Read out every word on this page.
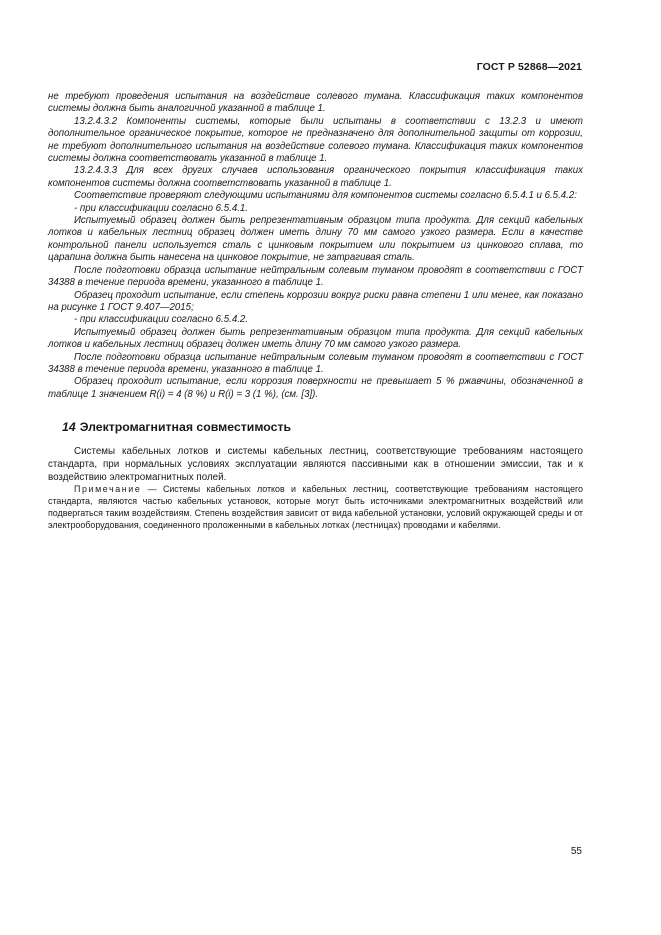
ГОСТ Р 52868—2021

не требуют проведения испытания на воздействие солевого тумана. Классификация таких компонентов системы должна быть аналогичной указанной в таблице 1.

13.2.4.3.2 Компоненты системы, которые были испытаны в соответствии с 13.2.3 и имеют дополнительное органическое покрытие, которое не предназначено для дополнительной защиты от коррозии, не требуют дополнительного испытания на воздействие солевого тумана. Классификация таких компонентов системы должна соответствовать указанной в таблице 1.

13.2.4.3.3 Для всех других случаев использования органического покрытия классификация таких компонентов системы должна соответствовать указанной в таблице 1.

Соответствие проверяют следующими испытаниями для компонентов системы согласно 6.5.4.1 и 6.5.4.2:

- при классификации согласно 6.5.4.1.

Испытуемый образец должен быть репрезентативным образцом типа продукта. Для секций кабельных лотков и кабельных лестниц образец должен иметь длину 70 мм самого узкого размера. Если в качестве контрольной панели используется сталь с цинковым покрытием или покрытием из цинкового сплава, то царапина должна быть нанесена на цинковое покрытие, не затрагивая сталь.

После подготовки образца испытание нейтральным солевым туманом проводят в соответствии с ГОСТ 34388 в течение периода времени, указанного в таблице 1.

Образец проходит испытание, если степень коррозии вокруг риски равна степени 1 или менее, как показано на рисунке 1 ГОСТ 9.407—2015;

- при классификации согласно 6.5.4.2.

Испытуемый образец должен быть репрезентативным образцом типа продукта. Для секций кабельных лотков и кабельных лестниц образец должен иметь длину 70 мм самого узкого размера.

После подготовки образца испытание нейтральным солевым туманом проводят в соответствии с ГОСТ 34388 в течение периода времени, указанного в таблице 1.

Образец проходит испытание, если коррозия поверхности не превышает 5 % ржавчины, обозначенной в таблице 1 значением R(i) = 4 (8 %) и R(i) = 3 (1 %), (см. [3]).

14 Электромагнитная совместимость

Системы кабельных лотков и системы кабельных лестниц, соответствующие требованиям настоящего стандарта, при нормальных условиях эксплуатации являются пассивными как в отношении эмиссии, так и к воздействию электромагнитных полей.

Примечание — Системы кабельных лотков и кабельных лестниц, соответствующие требованиям настоящего стандарта, являются частью кабельных установок, которые могут быть источниками электромагнитных воздействий или подвергаться таким воздействиям. Степень воздействия зависит от вида кабельной установки, условий окружающей среды и от электрооборудования, соединенного проложенными в кабельных лотках (лестницах) проводами и кабелями.

55
